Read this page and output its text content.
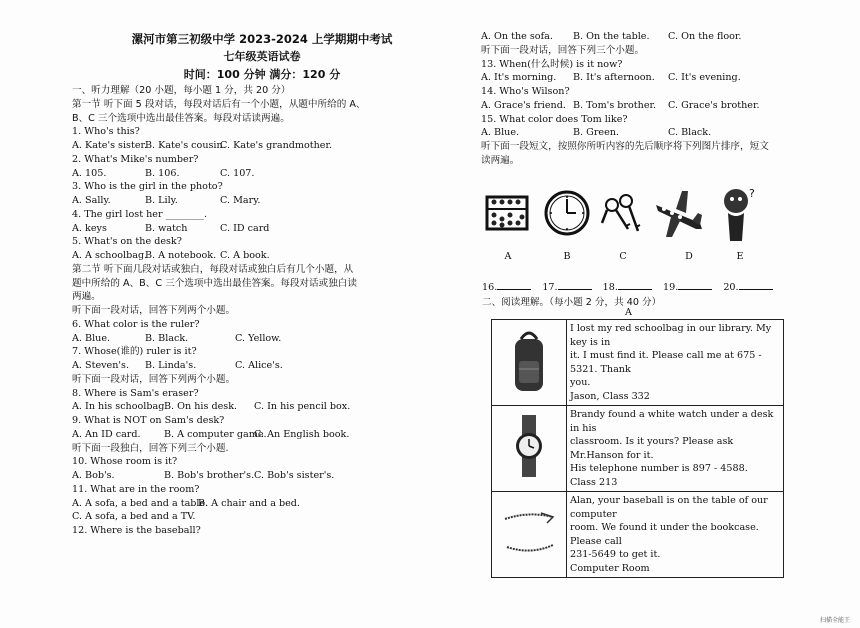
漯河市第三初级中学 2023-2024 上学期期中考试
七年级英语试卷
时间：100 分钟 满分：120 分
一、听力理解（20 小题，每小题 1 分，共 20 分）
第一节 听下面 5 段对话，每段对话后有一个小题，从题中所给的 A、
B、C 三个选项中选出最佳答案。每段对话读两遍。
1. Who's this?
A. Kate's sister.
B. Kate's cousin.
C. Kate's grandmother.
2. What's Mike's number?
A. 105.	B. 106.	C. 107.
3. Who is the girl in the photo?
A. Sally.	B. Lily.	C. Mary.
4. The girl lost her ________.
A. keys	B. watch	C. ID card
5. What's on the desk?
A. A schoolbag.
B. A notebook. C. A book.
第二节 听下面几段对话或独白，每段对话或独白后有几个小题，从
题中所给的 A、B、C 三个选项中选出最佳答案。每段对话或独白读
两遍。
听下面一段对话，回答下列两个小题。
6. What color is the ruler?
A. Blue.	B. Black.	C. Yellow.
7. Whose(谁的) ruler is it?
A. Steven's.	B. Linda's.	C. Alice's.
听下面一段对话，回答下列两个小题。
8. Where is Sam's eraser?
A. In his schoolbag.
B. On his desk.	C. In his pencil box.
9. What is NOT on Sam's desk?
A. An ID card.	B. A computer game.
C. An English book.
听下面一段独白，回答下列三个小题.
10. Whose room is it?
A. Bob's.	B. Bob's brother's. C. Bob's sister's.
11. What are in the room?
A. A sofa, a bed and a table.
B. A chair and a bed.
C. A sofa, a bed and a TV.
12. Where is the baseball?
A. On the sofa.	B. On the table.	C. On the floor.
听下面一段对话，回答下列三个小题。
13. When(什么时候) is it now?
A. It's morning.	B. It's afternoon.	C. It's evening.
14. Who's Wilson?
A. Grace's friend. B. Tom's brother.	C. Grace's brother.
15. What color does Tom like?
A. Blue.	B. Green.	C. Black.
听下面一段短文，按照你所听内容的先后顺序将下列图片排序，短文
读两遍。
?
A	B	C	D	E
16.	17.	18.	19.	20.
二、阅读理解。（每小题 2 分，共 40 分）
A

I lost my red schoolbag in our library. My key is in
it. I must find it. Please call me at 675 - 5321. Thank
you.
Jason, Class 332

Brandy found a white watch under a desk in his
classroom. Is it yours? Please ask Mr.Hanson for it.
His telephone number is 897 - 4588.
Class 213

Alan, your baseball is on the table of our computer
room. We found it under the bookcase. Please call
231-5649 to get it.
Computer Room
扫描全能王
